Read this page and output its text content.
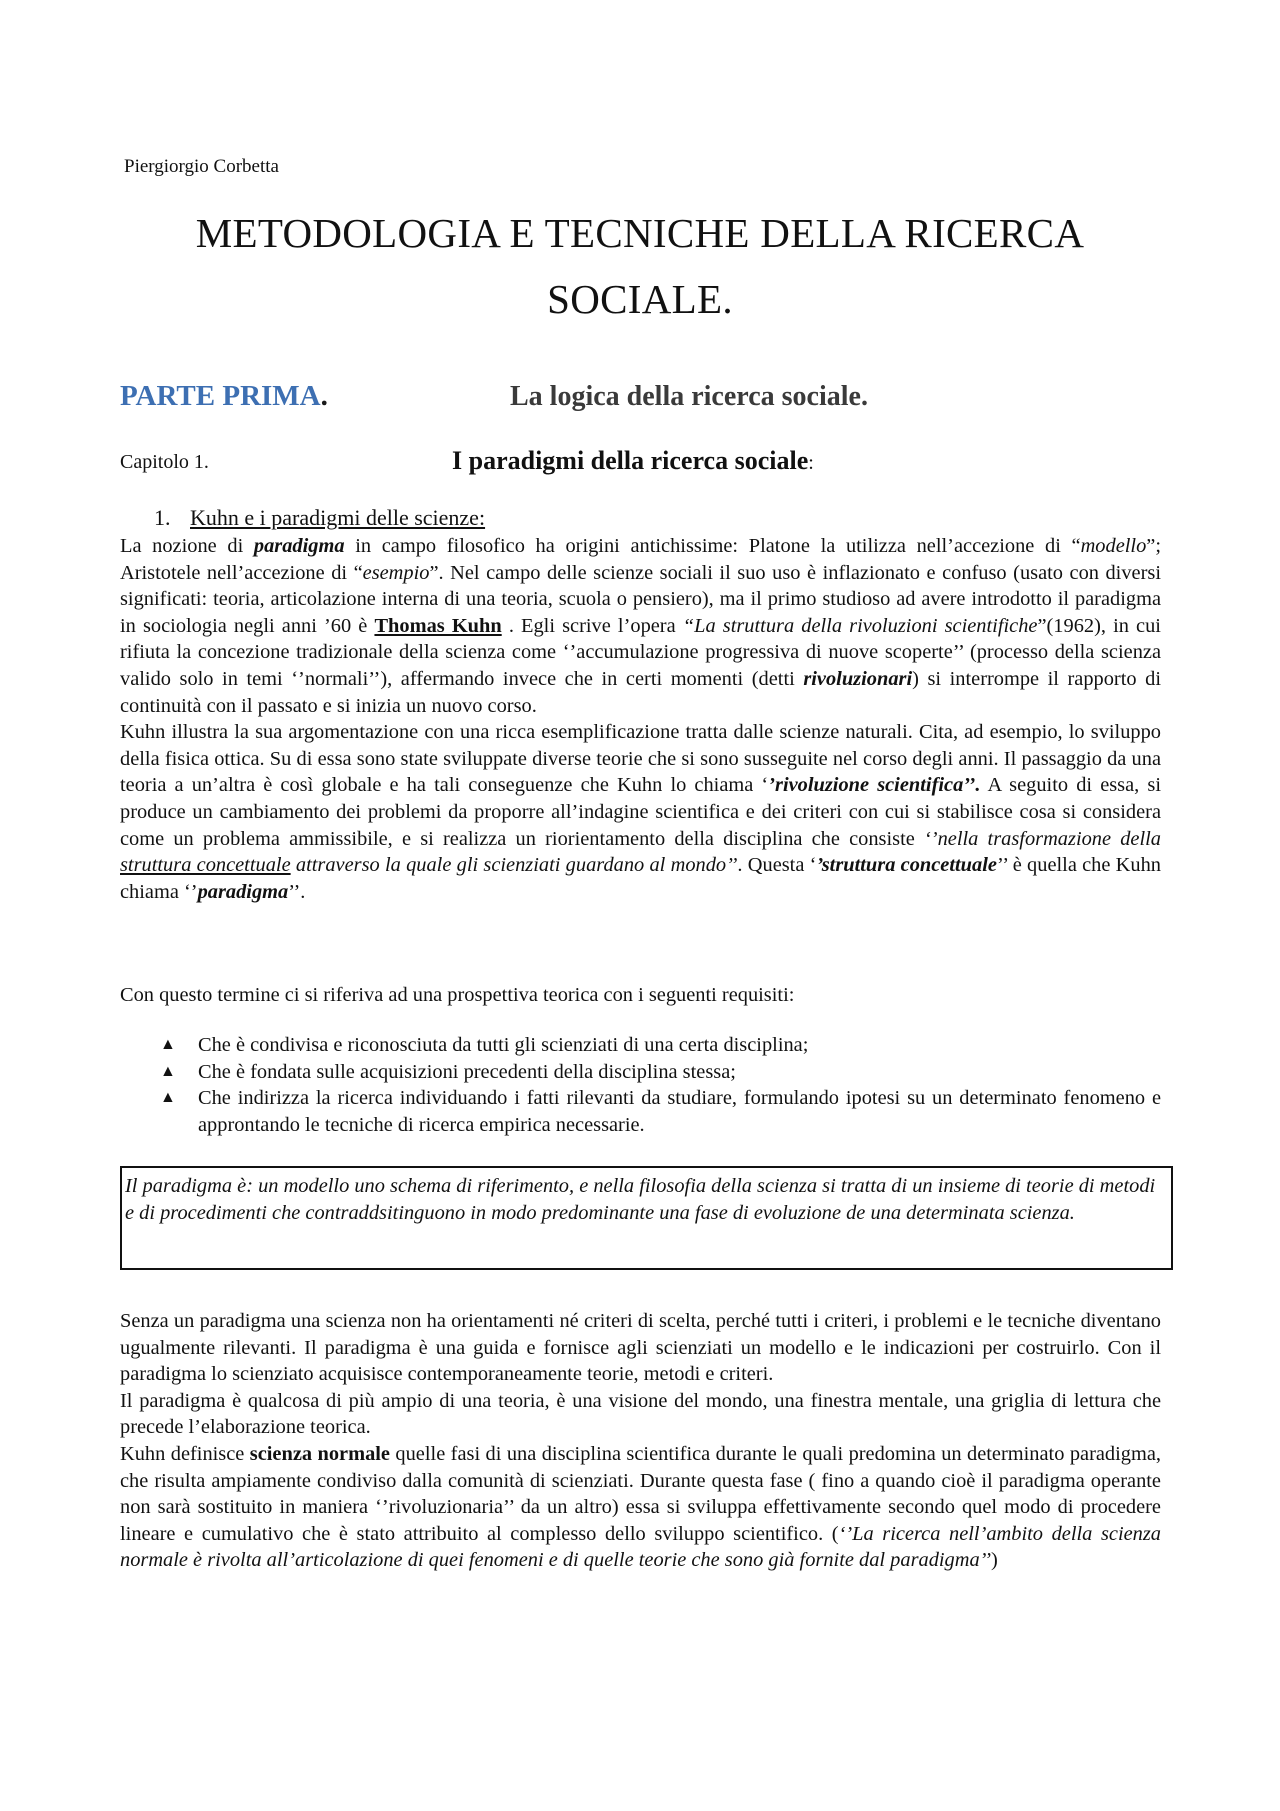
Piergiorgio Corbetta
METODOLOGIA E TECNICHE DELLA RICERCA
SOCIALE.
PARTE PRIMA.	La logica della ricerca sociale.
Capitolo 1.	I paradigmi della ricerca sociale:
1. Kuhn e i paradigmi delle scienze:

La nozione di paradigma in campo filosofico ha origini antichissime: Platone la utilizza nell’accezione di “modello”; Aristotele nell’accezione di “esempio”. Nel campo delle scienze sociali il suo uso è inflazionato e confuso (usato con diversi significati: teoria, articolazione interna di una teoria, scuola o pensiero), ma il primo studioso ad avere introdotto il paradigma in sociologia negli anni ’60 è Thomas Kuhn . Egli scrive l’opera “La struttura della rivoluzioni scientifiche”(1962), in cui rifiuta la concezione tradizionale della scienza come ‘’accumulazione progressiva di nuove scoperte’’ (processo della scienza valido solo in temi ‘’normali’’), affermando invece che in certi momenti (detti rivoluzionari) si interrompe il rapporto di continuità con il passato e si inizia un nuovo corso.

Kuhn illustra la sua argomentazione con una ricca esemplificazione tratta dalle scienze naturali. Cita, ad esempio, lo sviluppo della fisica ottica. Su di essa sono state sviluppate diverse teorie che si sono susseguite nel corso degli anni. Il passaggio da una teoria a un’altra è così globale e ha tali conseguenze che Kuhn lo chiama ‘’rivoluzione scientifica’’. A seguito di essa, si produce un cambiamento dei problemi da proporre all’indagine scientifica e dei criteri con cui si stabilisce cosa si considera come un problema ammissibile, e si realizza un riorientamento della disciplina che consiste ‘’nella trasformazione della struttura concettuale attraverso la quale gli scienziati guardano al mondo’’. Questa ‘’struttura concettuale’’ è quella che Kuhn chiama ‘’paradigma’’.

Con questo termine ci si riferiva ad una prospettiva teorica con i seguenti requisiti:
▲ Che è condivisa e riconosciuta da tutti gli scienziati di una certa disciplina;
▲ Che è fondata sulle acquisizioni precedenti della disciplina stessa;
▲ Che indirizza la ricerca individuando i fatti rilevanti da studiare, formulando ipotesi su un determinato fenomeno e approntando le tecniche di ricerca empirica necessarie.
Il paradigma è: un modello uno schema di riferimento, e nella filosofia della scienza si tratta di un insieme di teorie di metodi e di procedimenti che contraddsitinguono in modo predominante una fase di evoluzione de una determinata scienza.

Senza un paradigma una scienza non ha orientamenti né criteri di scelta, perché tutti i criteri, i problemi e le tecniche diventano ugualmente rilevanti. Il paradigma è una guida e fornisce agli scienziati un modello e le indicazioni per costruirlo. Con il paradigma lo scienziato acquisisce contemporaneamente teorie, metodi e criteri.

Il paradigma è qualcosa di più ampio di una teoria, è una visione del mondo, una finestra mentale, una griglia di lettura che precede l’elaborazione teorica.

Kuhn definisce scienza normale quelle fasi di una disciplina scientifica durante le quali predomina un determinato paradigma, che risulta ampiamente condiviso dalla comunità di scienziati. Durante questa fase ( fino a quando cioè il paradigma operante non sarà sostituito in maniera ‘’rivoluzionaria’’ da un altro) essa si sviluppa effettivamente secondo quel modo di procedere lineare e cumulativo che è stato attribuito al complesso dello sviluppo scientifico. (‘’La ricerca nell’ambito della scienza normale è rivolta all’articolazione di quei fenomeni e di quelle teorie che sono già fornite dal paradigma’’)
